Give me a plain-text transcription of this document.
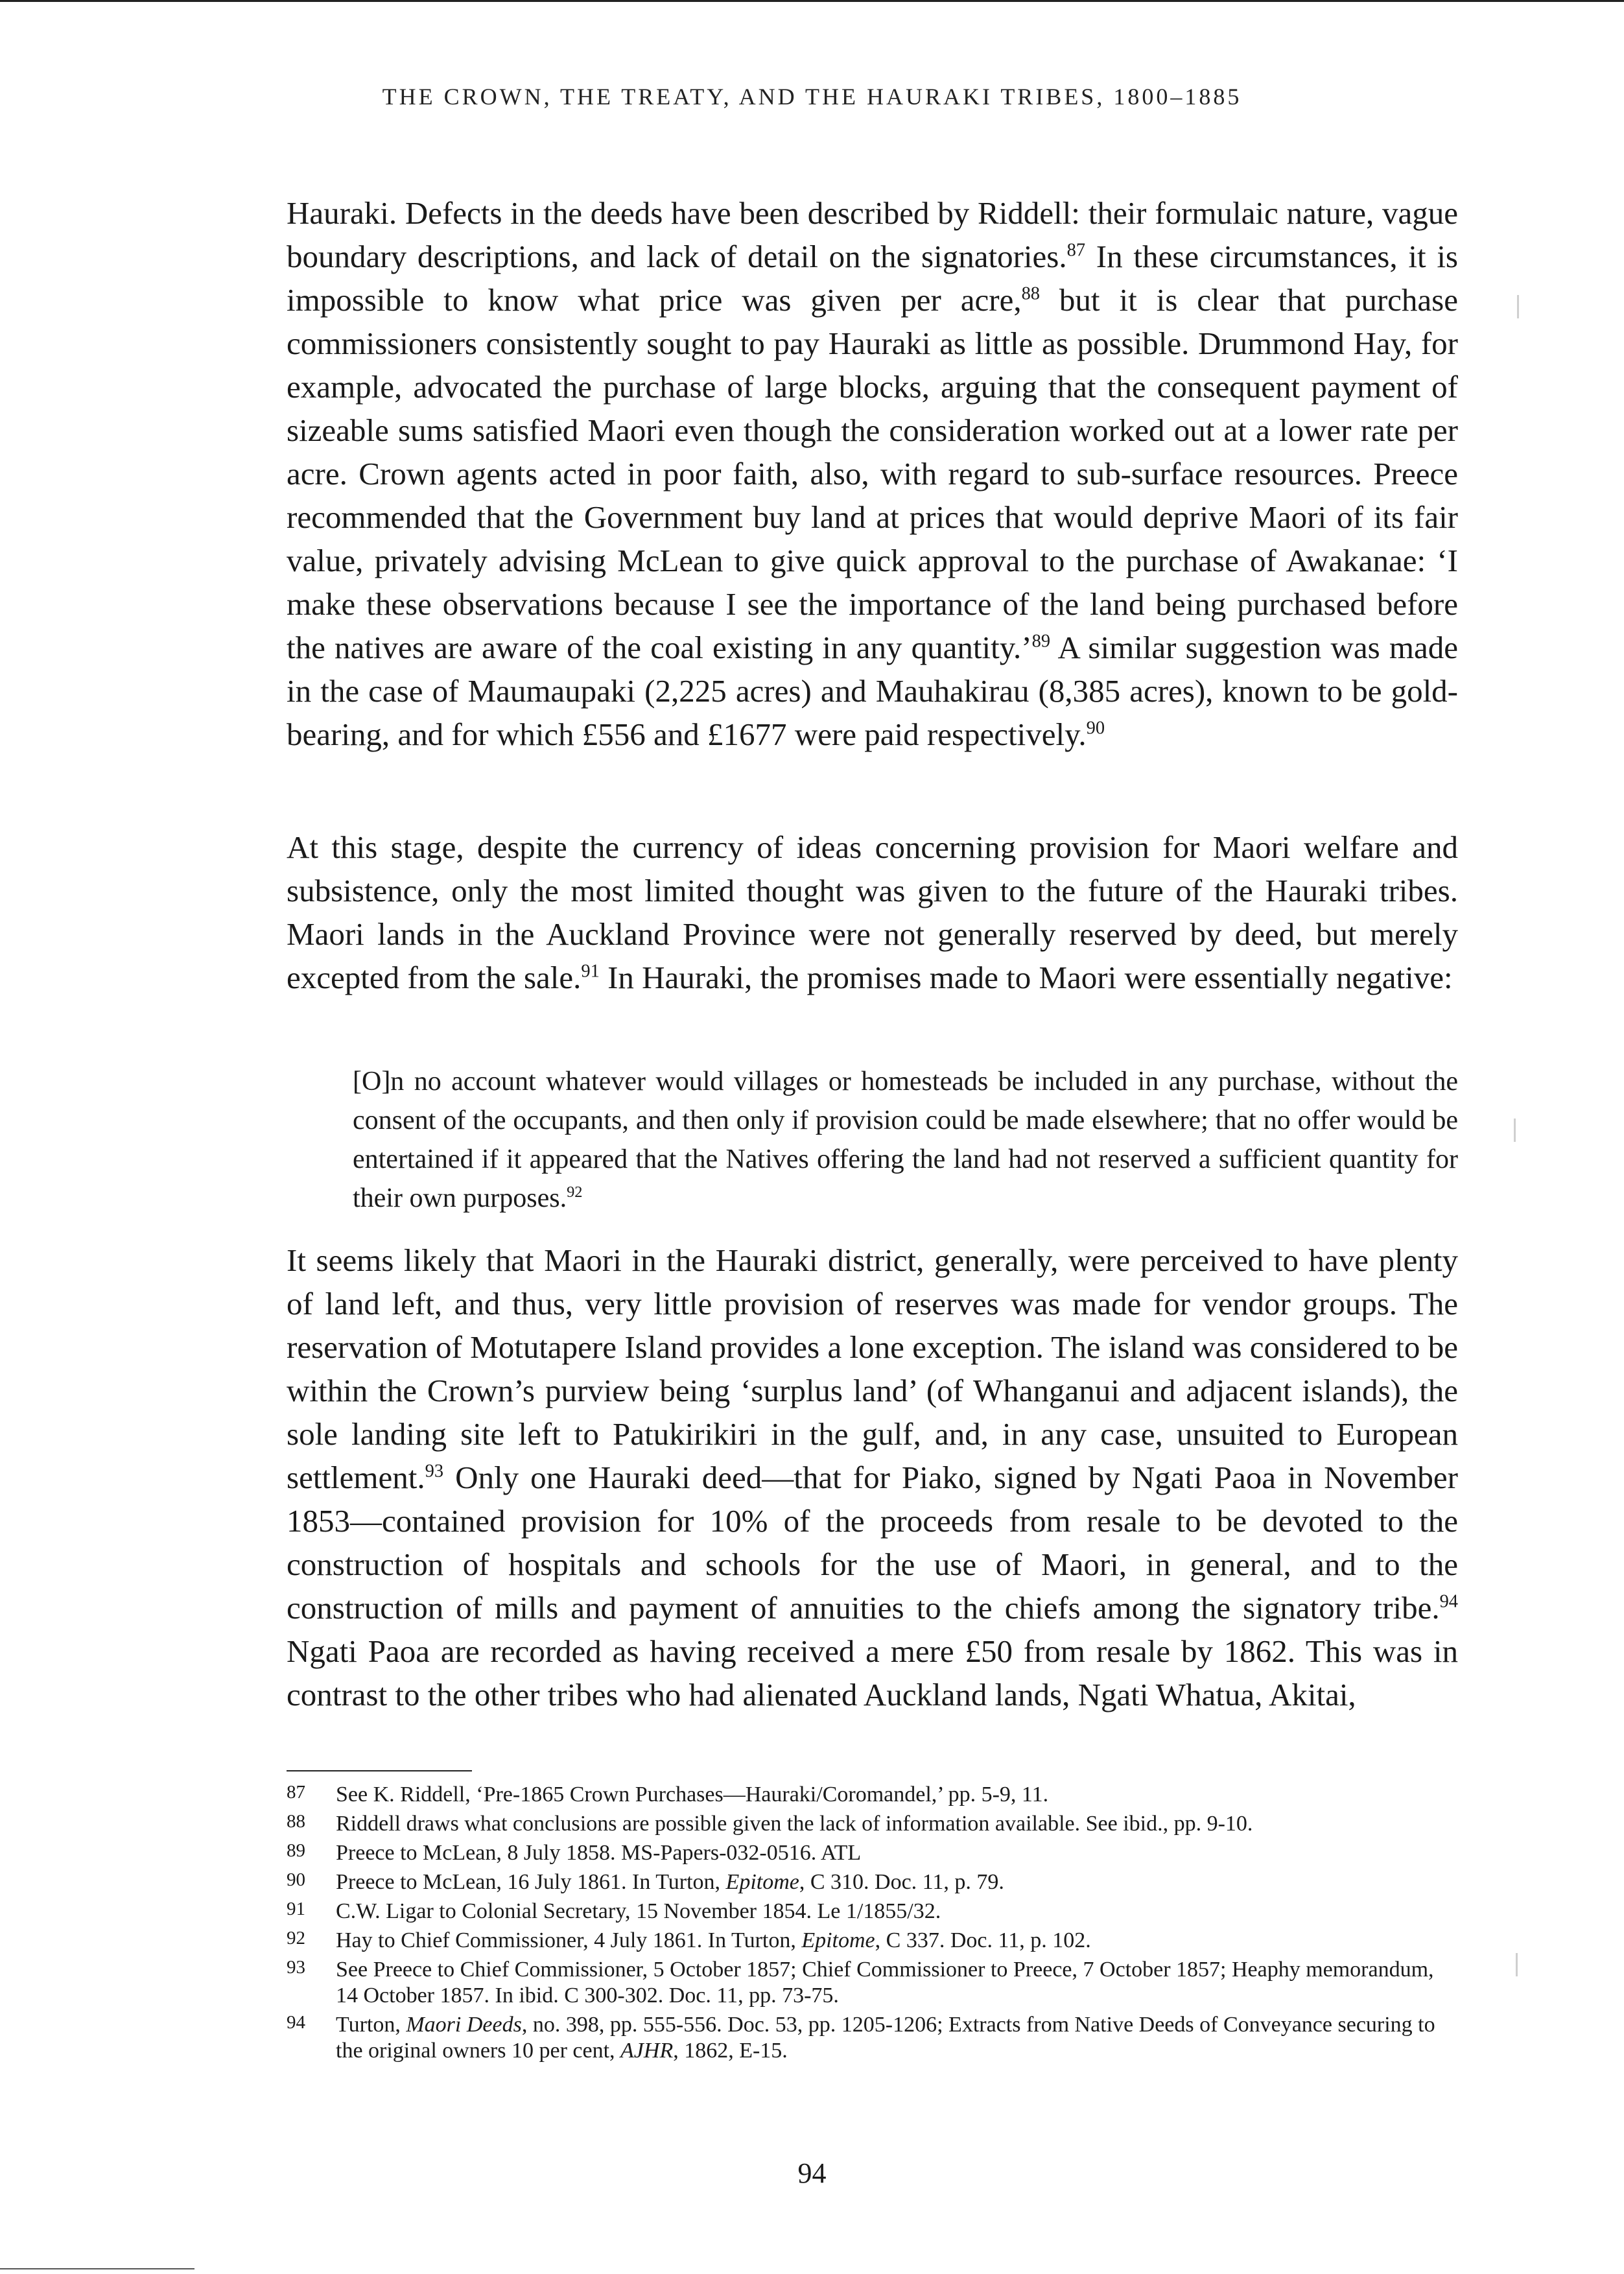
THE CROWN, THE TREATY, AND THE HAURAKI TRIBES, 1800–1885

Hauraki. Defects in the deeds have been described by Riddell: their formulaic nature, vague boundary descriptions, and lack of detail on the signatories.$^{87}$ In these circumstances, it is impossible to know what price was given per acre,$^{88}$ but it is clear that purchase commissioners consistently sought to pay Hauraki as little as possible. Drummond Hay, for example, advocated the purchase of large blocks, arguing that the consequent payment of sizeable sums satisfied Maori even though the consideration worked out at a lower rate per acre. Crown agents acted in poor faith, also, with regard to sub-surface resources. Preece recommended that the Government buy land at prices that would deprive Maori of its fair value, privately advising McLean to give quick approval to the purchase of Awakanae: ‘I make these observations because I see the importance of the land being purchased before the natives are aware of the coal existing in any quantity.’$^{89}$ A similar suggestion was made in the case of Maumaupaki (2,225 acres) and Mauhakirau (8,385 acres), known to be gold-bearing, and for which £556 and £1677 were paid respectively.$^{90}$

At this stage, despite the currency of ideas concerning provision for Maori welfare and subsistence, only the most limited thought was given to the future of the Hauraki tribes. Maori lands in the Auckland Province were not generally reserved by deed, but merely excepted from the sale.$^{91}$ In Hauraki, the promises made to Maori were essentially negative:

[O]n no account whatever would villages or homesteads be included in any purchase, without the consent of the occupants, and then only if provision could be made elsewhere; that no offer would be entertained if it appeared that the Natives offering the land had not reserved a sufficient quantity for their own purposes.$^{92}$

It seems likely that Maori in the Hauraki district, generally, were perceived to have plenty of land left, and thus, very little provision of reserves was made for vendor groups. The reservation of Motutapere Island provides a lone exception. The island was considered to be within the Crown’s purview being ‘surplus land’ (of Whanganui and adjacent islands), the sole landing site left to Patukirikiri in the gulf, and, in any case, unsuited to European settlement.$^{93}$ Only one Hauraki deed—that for Piako, signed by Ngati Paoa in November 1853—contained provision for 10% of the proceeds from resale to be devoted to the construction of hospitals and schools for the use of Maori, in general, and to the construction of mills and payment of annuities to the chiefs among the signatory tribe.$^{94}$ Ngati Paoa are recorded as having received a mere £50 from resale by 1862. This was in contrast to the other tribes who had alienated Auckland lands, Ngati Whatua, Akitai,

87 See K. Riddell, ‘Pre-1865 Crown Purchases—Hauraki/Coromandel,’ pp. 5-9, 11.
88 Riddell draws what conclusions are possible given the lack of information available. See ibid., pp. 9-10.
89 Preece to McLean, 8 July 1858. MS-Papers-032-0516. ATL
90 Preece to McLean, 16 July 1861. In Turton, Epitome, C 310. Doc. 11, p. 79.
91 C.W. Ligar to Colonial Secretary, 15 November 1854. Le 1/1855/32.
92 Hay to Chief Commissioner, 4 July 1861. In Turton, Epitome, C 337. Doc. 11, p. 102.
93 See Preece to Chief Commissioner, 5 October 1857; Chief Commissioner to Preece, 7 October 1857; Heaphy memorandum, 14 October 1857. In ibid. C 300-302. Doc. 11, pp. 73-75.
94 Turton, Maori Deeds, no. 398, pp. 555-556. Doc. 53, pp. 1205-1206; Extracts from Native Deeds of Conveyance securing to the original owners 10 per cent, AJHR, 1862, E-15.
94
